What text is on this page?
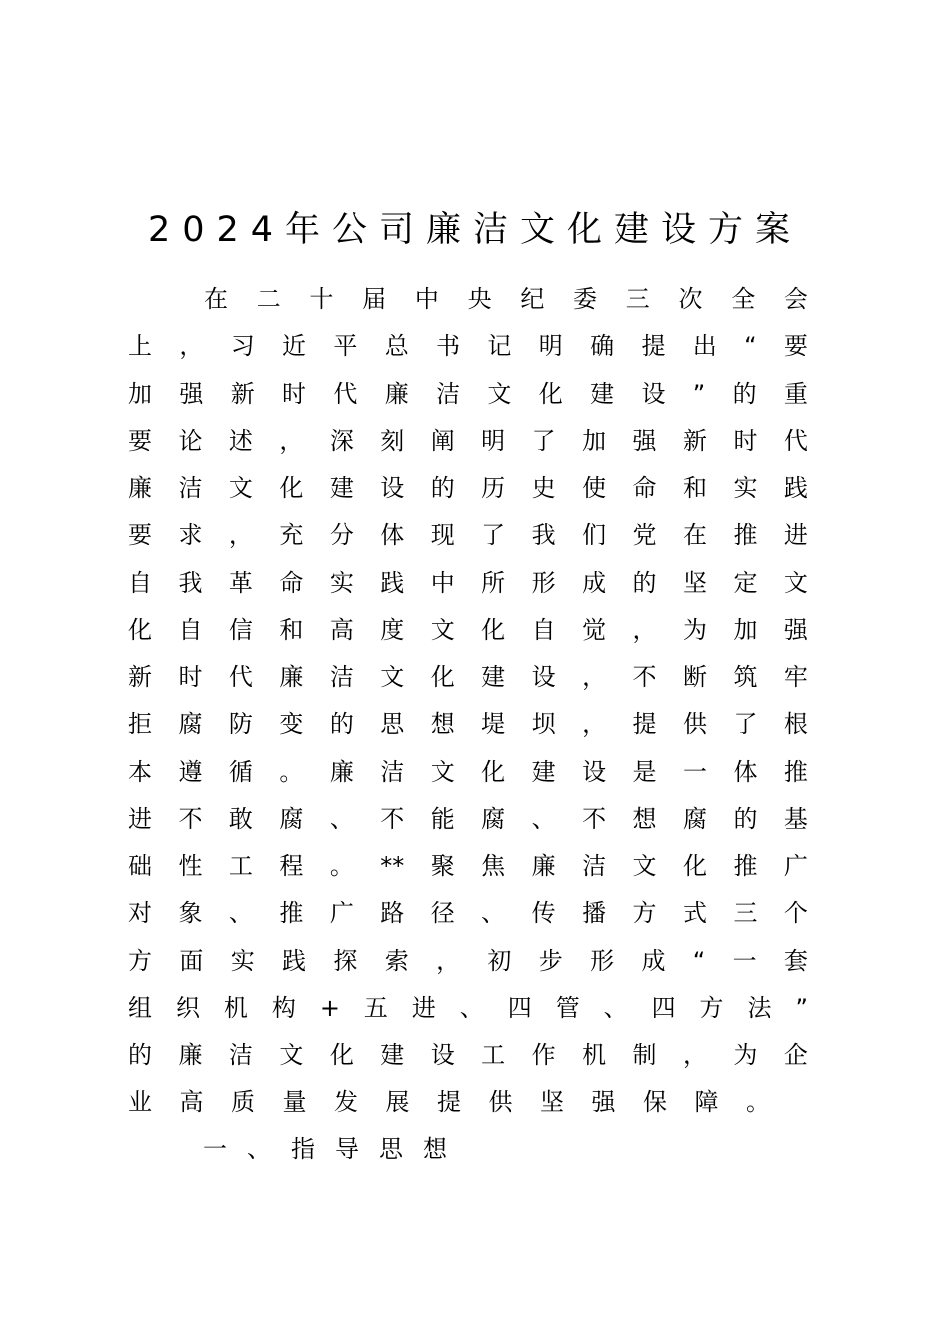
2024年公司廉洁文化建设方案
在 二 十 届 中 央 纪 委 三 次 全 会
上 ， 习 近 平 总 书 记 明 确 提 出 “ 要
加 强 新 时 代 廉 洁 文 化 建 设 ” 的 重
要 论 述 ， 深 刻 阐 明 了 加 强 新 时 代
廉 洁 文 化 建 设 的 历 史 使 命 和 实 践
要 求 ， 充 分 体 现 了 我 们 党 在 推 进
自 我 革 命 实 践 中 所 形 成 的 坚 定 文
化 自 信 和 高 度 文 化 自 觉 ， 为 加 强
新 时 代 廉 洁 文 化 建 设 ， 不 断 筑 牢
拒 腐 防 变 的 思 想 堤 坝 ， 提 供 了 根
本 遵 循 。 廉 洁 文 化 建 设 是 一 体 推
进 不 敢 腐 、 不 能 腐 、 不 想 腐 的 基
础 性 工 程 。 ** 聚 焦 廉 洁 文 化 推 广
对 象 、 推 广 路 径 、 传 播 方 式 三 个
方 面 实 践 探 索 ， 初 步 形 成 “ 一 套
组 织 机 构 + 五 进 、 四 管 、 四 方 法 ”
的 廉 洁 文 化 建 设 工 作 机 制 ， 为 企
业高质量发展提供坚强保障。
一、指导思想
